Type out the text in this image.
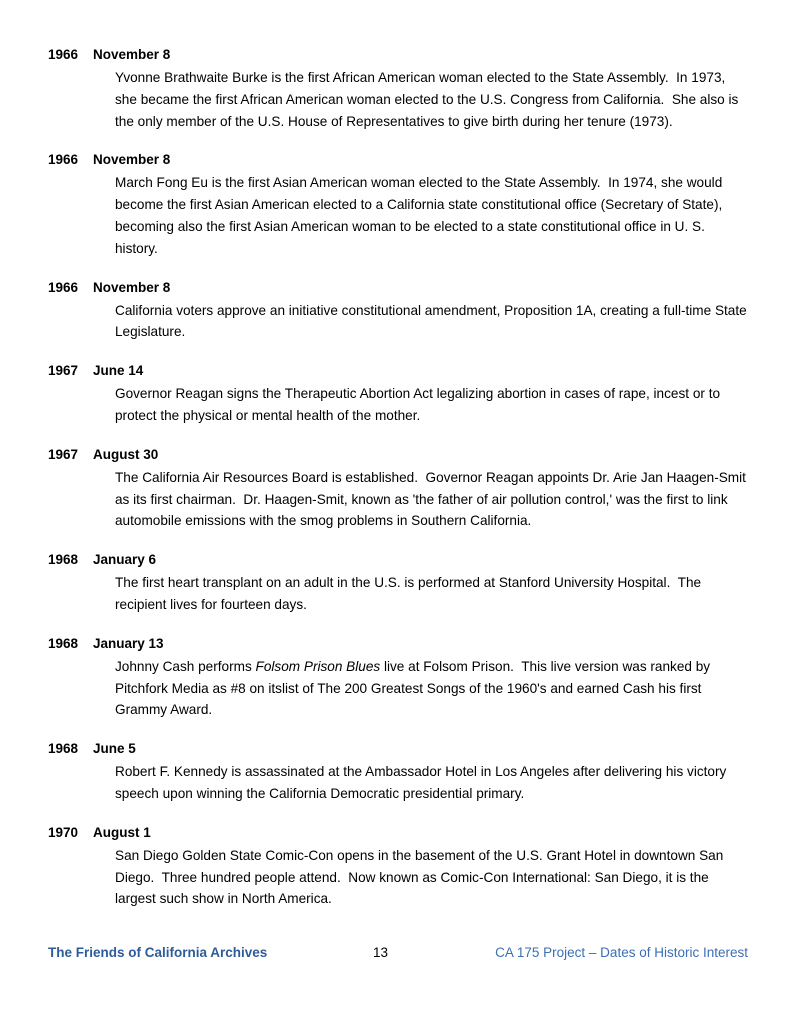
1966 November 8
Yvonne Brathwaite Burke is the first African American woman elected to the State Assembly.  In 1973, she became the first African American woman elected to the U.S. Congress from California.  She also is the only member of the U.S. House of Representatives to give birth during her tenure (1973).
1966 November 8
March Fong Eu is the first Asian American woman elected to the State Assembly.  In 1974, she would become the first Asian American elected to a California state constitutional office (Secretary of State), becoming also the first Asian American woman to be elected to a state constitutional office in U. S. history.
1966 November 8
California voters approve an initiative constitutional amendment, Proposition 1A, creating a full-time State Legislature.
1967 June 14
Governor Reagan signs the Therapeutic Abortion Act legalizing abortion in cases of rape, incest or to protect the physical or mental health of the mother.
1967 August 30
The California Air Resources Board is established.  Governor Reagan appoints Dr. Arie Jan Haagen-Smit as its first chairman.  Dr. Haagen-Smit, known as 'the father of air pollution control,' was the first to link automobile emissions with the smog problems in Southern California.
1968 January 6
The first heart transplant on an adult in the U.S. is performed at Stanford University Hospital.  The recipient lives for fourteen days.
1968 January 13
Johnny Cash performs Folsom Prison Blues live at Folsom Prison.  This live version was ranked by Pitchfork Media as #8 on itslist of The 200 Greatest Songs of the 1960's and earned Cash his first Grammy Award.
1968 June 5
Robert F. Kennedy is assassinated at the Ambassador Hotel in Los Angeles after delivering his victory speech upon winning the California Democratic presidential primary.
1970 August 1
San Diego Golden State Comic-Con opens in the basement of the U.S. Grant Hotel in downtown San Diego.  Three hundred people attend.  Now known as Comic-Con International: San Diego, it is the largest such show in North America.
The Friends of California Archives	13	CA 175 Project – Dates of Historic Interest
